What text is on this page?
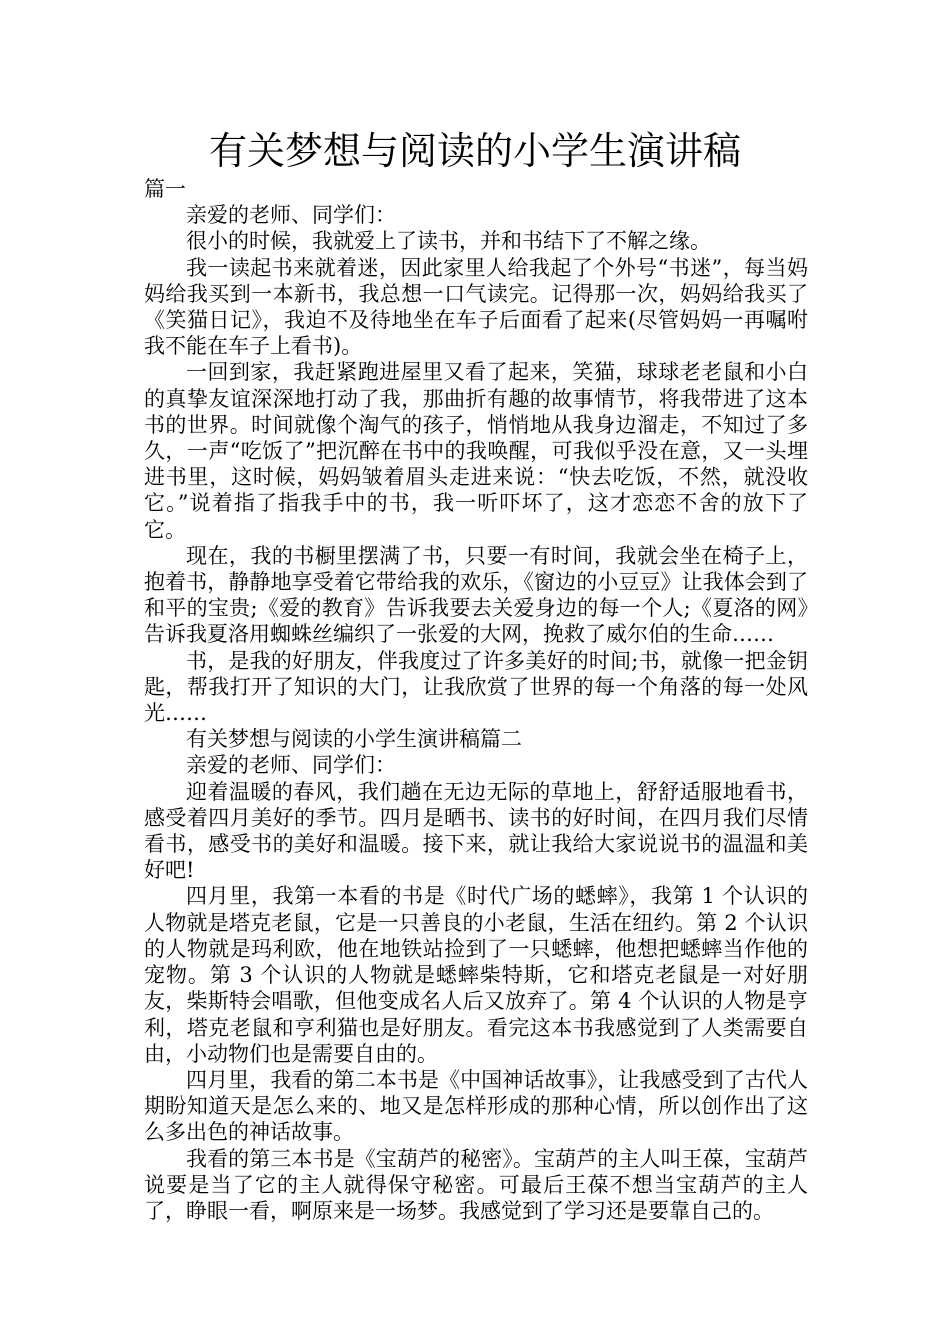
有关梦想与阅读的小学生演讲稿

篇一

亲爱的老师、同学们：

很小的时候，我就爱上了读书，并和书结下了不解之缘。

我一读起书来就着迷，因此家里人给我起了个外号“书迷”，每当妈妈给我买到一本新书，我总想一口气读完。记得那一次，妈妈给我买了《笑猫日记》，我迫不及待地坐在车子后面看了起来(尽管妈妈一再嘱咐我不能在车子上看书)。

一回到家，我赶紧跑进屋里又看了起来，笑猫，球球老老鼠和小白的真挚友谊深深地打动了我，那曲折有趣的故事情节，将我带进了这本书的世界。时间就像个淘气的孩子，悄悄地从我身边溜走，不知过了多久，一声“吃饭了”把沉醉在书中的我唤醒，可我似乎没在意，又一头埋进书里，这时候，妈妈皱着眉头走进来说：“快去吃饭，不然，就没收它。”说着指了指我手中的书，我一听吓坏了，这才恋恋不舍的放下了它。

现在，我的书橱里摆满了书，只要一有时间，我就会坐在椅子上，抱着书，静静地享受着它带给我的欢乐，《窗边的小豆豆》让我体会到了和平的宝贵;《爱的教育》告诉我要去关爱身边的每一个人;《夏洛的网》告诉我夏洛用蜘蛛丝编织了一张爱的大网，挽救了威尔伯的生命……

书，是我的好朋友，伴我度过了许多美好的时间;书，就像一把金钥匙，帮我打开了知识的大门，让我欣赏了世界的每一个角落的每一处风光……

有关梦想与阅读的小学生演讲稿篇二

亲爱的老师、同学们：

迎着温暖的春风，我们趟在无边无际的草地上，舒舒适服地看书，感受着四月美好的季节。四月是晒书、读书的好时间，在四月我们尽情看书，感受书的美好和温暖。接下来，就让我给大家说说书的温温和美好吧!

四月里，我第一本看的书是《时代广场的蟋蟀》，我第 1 个认识的人物就是塔克老鼠，它是一只善良的小老鼠，生活在纽约。第 2 个认识的人物就是玛利欧，他在地铁站捡到了一只蟋蟀，他想把蟋蟀当作他的宠物。第 3 个认识的人物就是蟋蟀柴特斯，它和塔克老鼠是一对好朋友，柴斯特会唱歌，但他变成名人后又放弃了。第 4 个认识的人物是亨利，塔克老鼠和亨利猫也是好朋友。看完这本书我感觉到了人类需要自由，小动物们也是需要自由的。

四月里，我看的第二本书是《中国神话故事》，让我感受到了古代人期盼知道天是怎么来的、地又是怎样形成的那种心情，所以创作出了这么多出色的神话故事。

我看的第三本书是《宝葫芦的秘密》。宝葫芦的主人叫王葆，宝葫芦说要是当了它的主人就得保守秘密。可最后王葆不想当宝葫芦的主人了，睁眼一看，啊原来是一场梦。我感觉到了学习还是要靠自己的。
